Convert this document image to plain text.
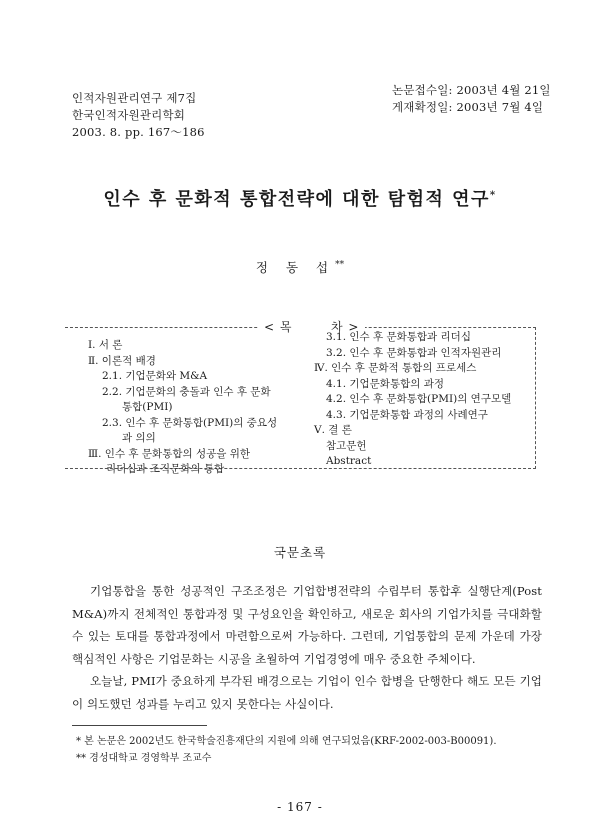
인적자원관리연구 제7집
한국인적자원관리학회
2003. 8. pp. 167～186
논문접수일: 2003년 4월 21일
게재확정일: 2003년 7월 4일
인수 후 문화적 통합전략에 대한 탐험적 연구*
정 동 섭**
< 목        차 >
Ⅰ. 서 론
Ⅱ. 이론적 배경
2.1. 기업문화와 M&A
2.2. 기업문화의 충돌과 인수 후 문화
통합(PMI)
2.3. 인수 후 문화통합(PMI)의 중요성
과 의의
Ⅲ. 인수 후 문화통합의 성공을 위한
리더십과 조직문화의 통합
3.1. 인수 후 문화통합과 리더십
3.2. 인수 후 문화통합과 인적자원관리
Ⅳ. 인수 후 문화적 통합의 프로세스
4.1. 기업문화통합의 과정
4.2. 인수 후 문화통합(PMI)의 연구모델
4.3. 기업문화통합 과정의 사례연구
Ⅴ. 결 론
참고문헌
Abstract
국문초록

기업통합을 통한 성공적인 구조조정은 기업합병전략의 수립부터 통합후 실행단계(Post M&A)까지 전체적인 통합과정 및 구성요인을 확인하고, 새로운 회사의 기업가치를 극대화할 수 있는 토대를 통합과정에서 마련함으로써 가능하다. 그런데, 기업통합의 문제 가운데 가장 핵심적인 사항은 기업문화는 시공을 초월하여 기업경영에 매우 중요한 주체이다.

오늘날, PMI가 중요하게 부각된 배경으로는 기업이 인수 합병을 단행한다 해도 모든 기업이 의도했던 성과를 누리고 있지 못한다는 사실이다.

* 본 논문은 2002년도 한국학술진흥재단의 지원에 의해 연구되었음(KRF-2002-003-B00091).
** 경성대학교 경영학부 조교수
- 167 -
